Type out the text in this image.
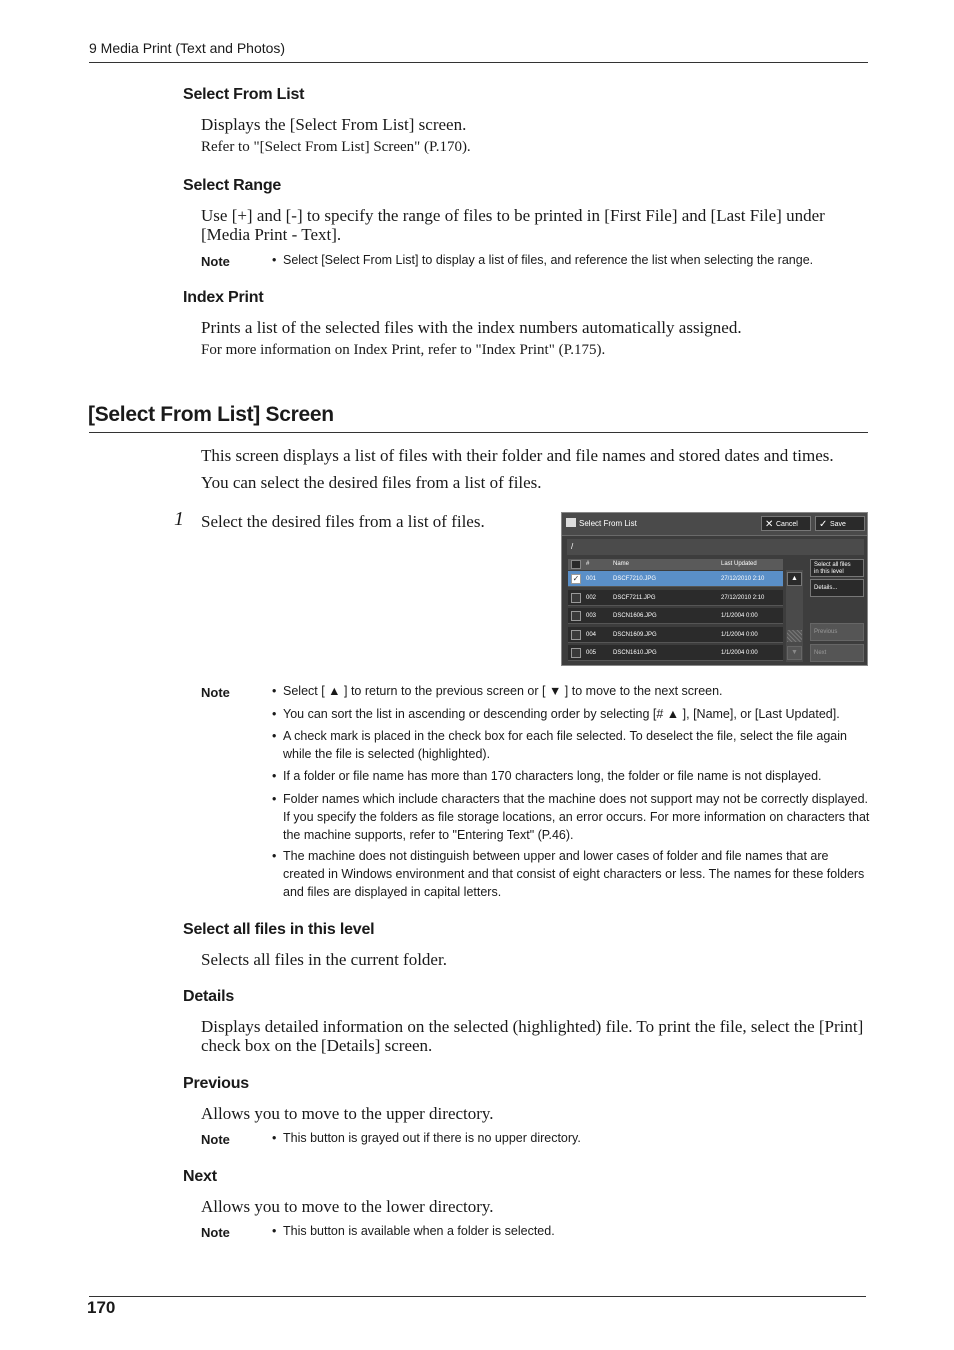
9 Media Print (Text and Photos)
Select From List
Displays the [Select From List] screen.
Refer to "[Select From List] Screen" (P.170).
Select Range
Use [+] and [-] to specify the range of files to be printed in [First File] and [Last File] under [Media Print - Text].
Note	• Select [Select From List] to display a list of files, and reference the list when selecting the range.
Index Print
Prints a list of the selected files with the index numbers automatically assigned.
For more information on Index Print, refer to "Index Print" (P.175).
[Select From List] Screen
This screen displays a list of files with their folder and file names and stored dates and times.
You can select the desired files from a list of files.
1 Select the desired files from a list of files.	Select From List	✕ Cancel	✓ Save
/
#	Name	Last Updated
✓ 001	DSCF7210.JPG	27/12/2010 2:10
002	DSCF7211.JPG	27/12/2010 2:10
003	DSCN1606.JPG	1/1/2004 0:00
004	DSCN1609.JPG	1/1/2004 0:00
005	DSCN1610.JPG	1/1/2004 0:00
▲
▼
Select all files
in this level
Details...
Previous
Next
Note	• Select [ ▲ ] to return to the previous screen or [ ▼ ] to move to the next screen.
• You can sort the list in ascending or descending order by selecting [# ▲ ], [Name], or [Last Updated].
• A check mark is placed in the check box for each file selected. To deselect the file, select the file again while the file is selected (highlighted).
• If a folder or file name has more than 170 characters long, the folder or file name is not displayed.
• Folder names which include characters that the machine does not support may not be correctly displayed. If you specify the folders as file storage locations, an error occurs. For more information on characters that the machine supports, refer to "Entering Text" (P.46).
• The machine does not distinguish between upper and lower cases of folder and file names that are created in Windows environment and that consist of eight characters or less. The names for these folders and files are displayed in capital letters.
Select all files in this level
Selects all files in the current folder.
Details
Displays detailed information on the selected (highlighted) file. To print the file, select the [Print] check box on the [Details] screen.
Previous
Allows you to move to the upper directory.
Note	• This button is grayed out if there is no upper directory.
Next
Allows you to move to the lower directory.
Note	• This button is available when a folder is selected.
170
